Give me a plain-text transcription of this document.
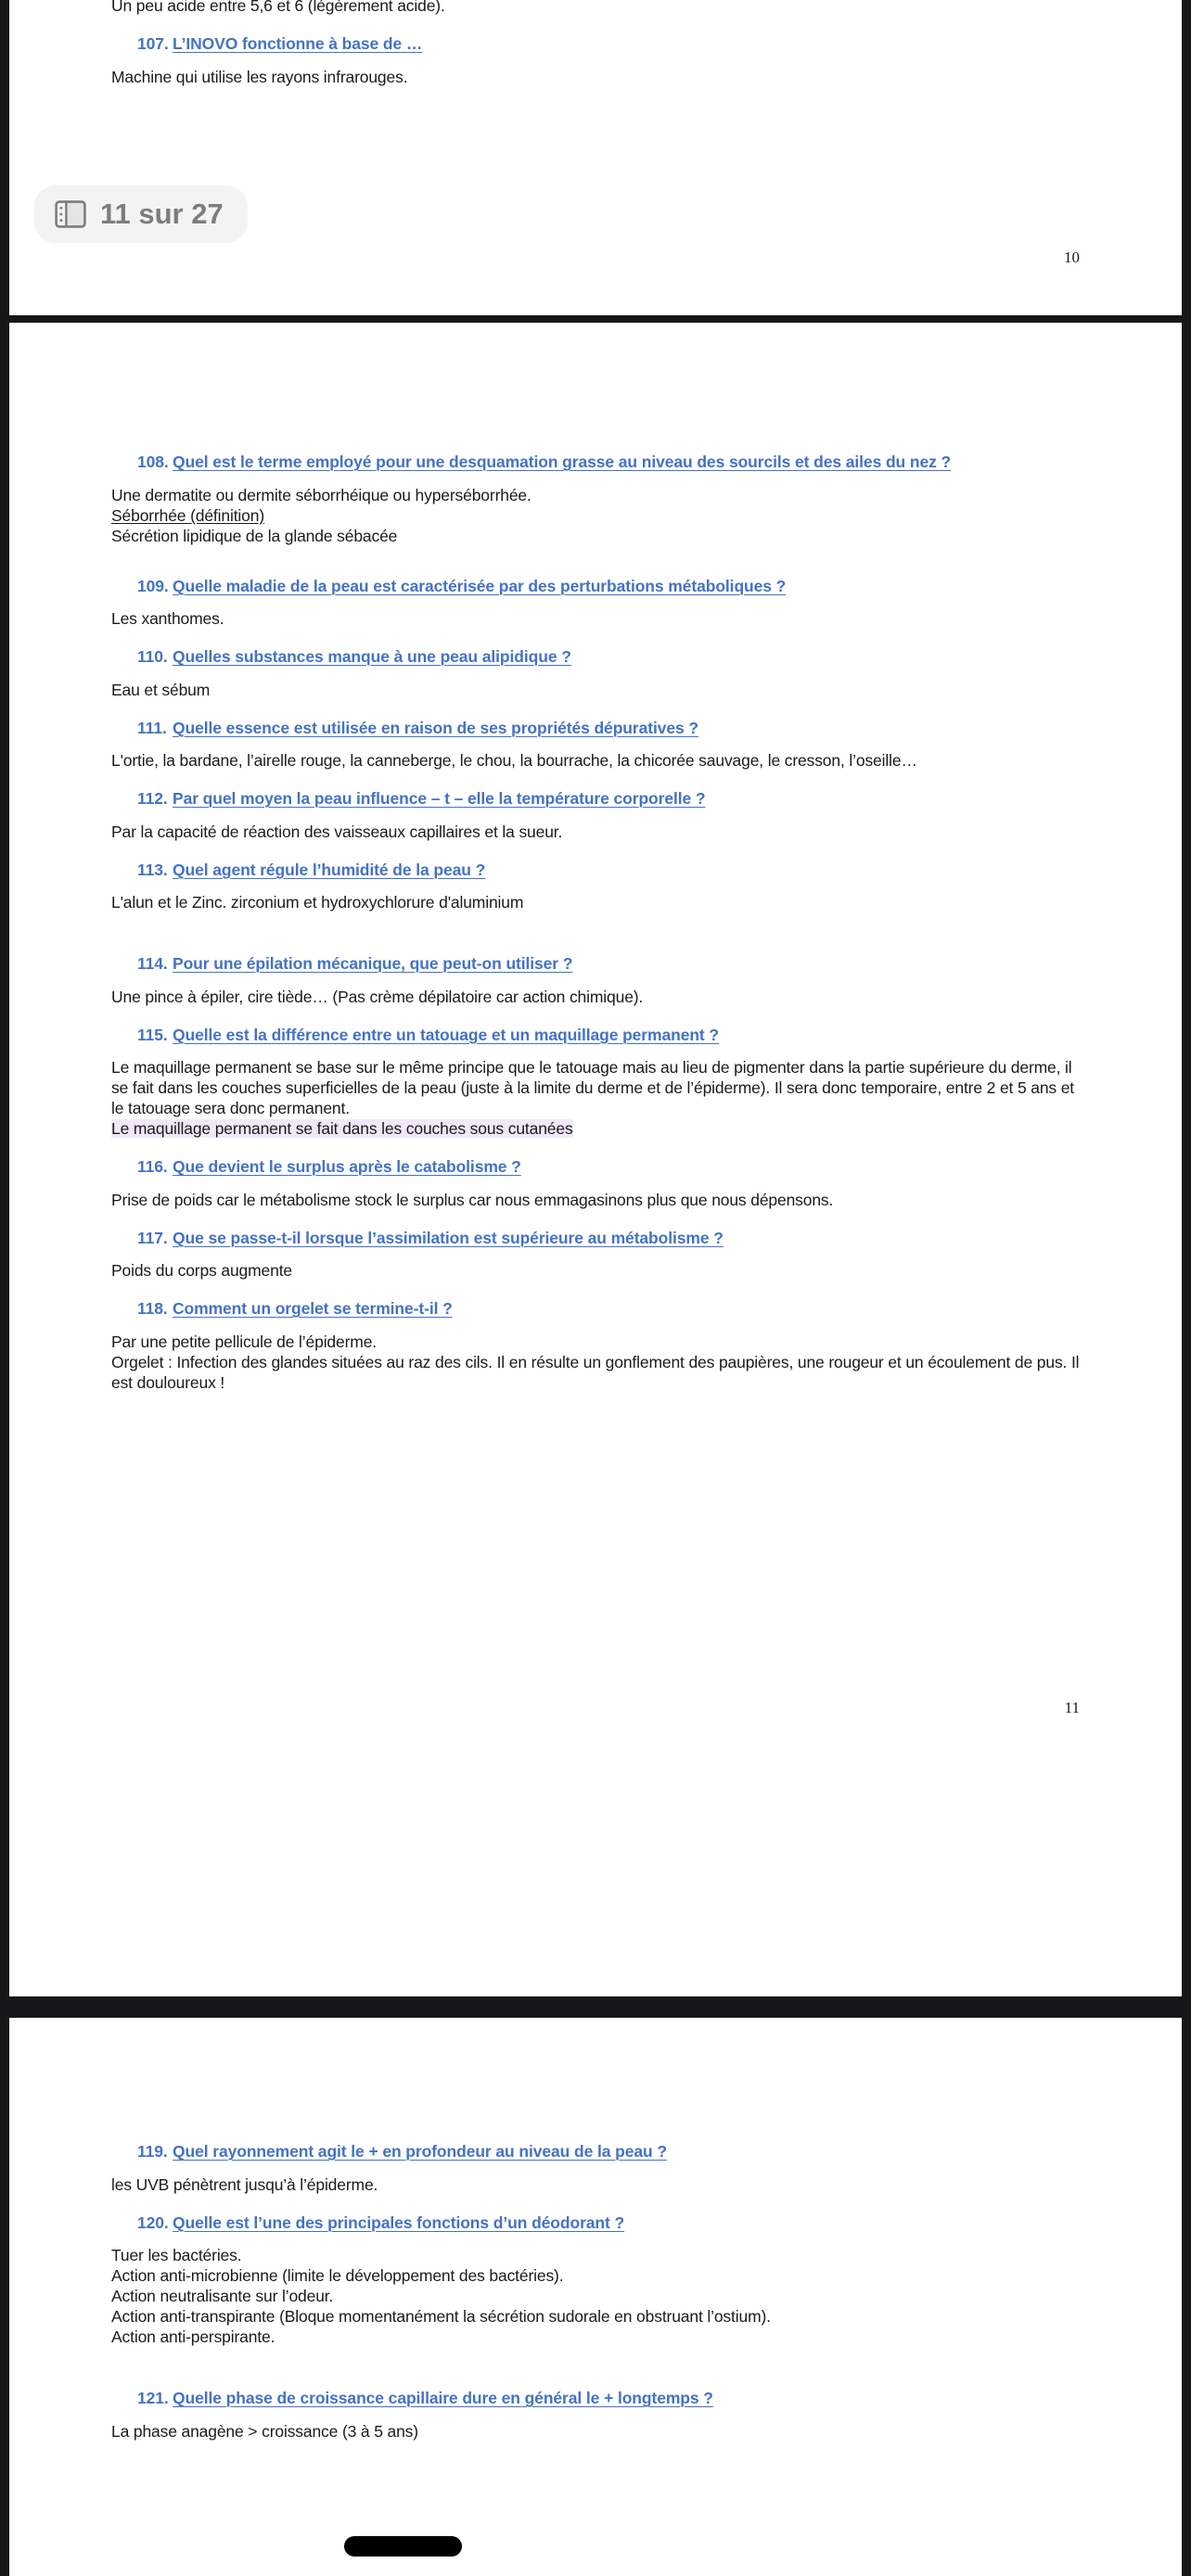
Un peu acide entre 5,6 et 6 (légèrement acide).

107. L’INOVO fonctionne à base de …

Machine qui utilise les rayons infrarouges.

10

108. Quel est le terme employé pour une desquamation grasse au niveau des sourcils et des ailes du nez ?

Une dermatite ou dermite séborrhéique ou hyperséborrhée.

Séborrhée (définition)

Sécrétion lipidique de la glande sébacée

109. Quelle maladie de la peau est caractérisée par des perturbations métaboliques ?

Les xanthomes.

110. Quelles substances manque à une peau alipidique ?

Eau et sébum

111. Quelle essence est utilisée en raison de ses propriétés dépuratives ?

L'ortie, la bardane, l’airelle rouge, la canneberge, le chou, la bourrache, la chicorée sauvage, le cresson, l’oseille…

112. Par quel moyen la peau influence – t – elle la température corporelle ?

Par la capacité de réaction des vaisseaux capillaires et la sueur.

113. Quel agent régule l’humidité de la peau ?

L'alun et le Zinc. zirconium et hydroxychlorure d'aluminium

114. Pour une épilation mécanique, que peut-on utiliser ?

Une pince à épiler, cire tiède… (Pas crème dépilatoire car action chimique).

115. Quelle est la différence entre un tatouage et un maquillage permanent ?

Le maquillage permanent se base sur le même principe que le tatouage mais au lieu de pigmenter dans la partie supérieure du derme, il se fait dans les couches superficielles de la peau (juste à la limite du derme et de l’épiderme). Il sera donc temporaire, entre 2 et 5 ans et le tatouage sera donc permanent.

Le maquillage permanent se fait dans les couches sous cutanées

116. Que devient le surplus après le catabolisme ?

Prise de poids car le métabolisme stock le surplus car nous emmagasinons plus que nous dépensons.

117. Que se passe-t-il lorsque l’assimilation est supérieure au métabolisme ?

Poids du corps augmente

118. Comment un orgelet se termine-t-il ?

Par une petite pellicule de l’épiderme.

Orgelet : Infection des glandes situées au raz des cils. Il en résulte un gonflement des paupières, une rougeur et un écoulement de pus. Il est douloureux !

11

119. Quel rayonnement agit le + en profondeur au niveau de la peau ?

les UVB pénètrent jusqu’à l’épiderme.

120. Quelle est l’une des principales fonctions d’un déodorant ?

Tuer les bactéries.

Action anti-microbienne (limite le développement des bactéries).

Action neutralisante sur l’odeur.

Action anti-transpirante (Bloque momentanément la sécrétion sudorale en obstruant l’ostium).

Action anti-perspirante.

121. Quelle phase de croissance capillaire dure en général le + longtemps ?

La phase anagène > croissance (3 à 5 ans)

11 sur 27
